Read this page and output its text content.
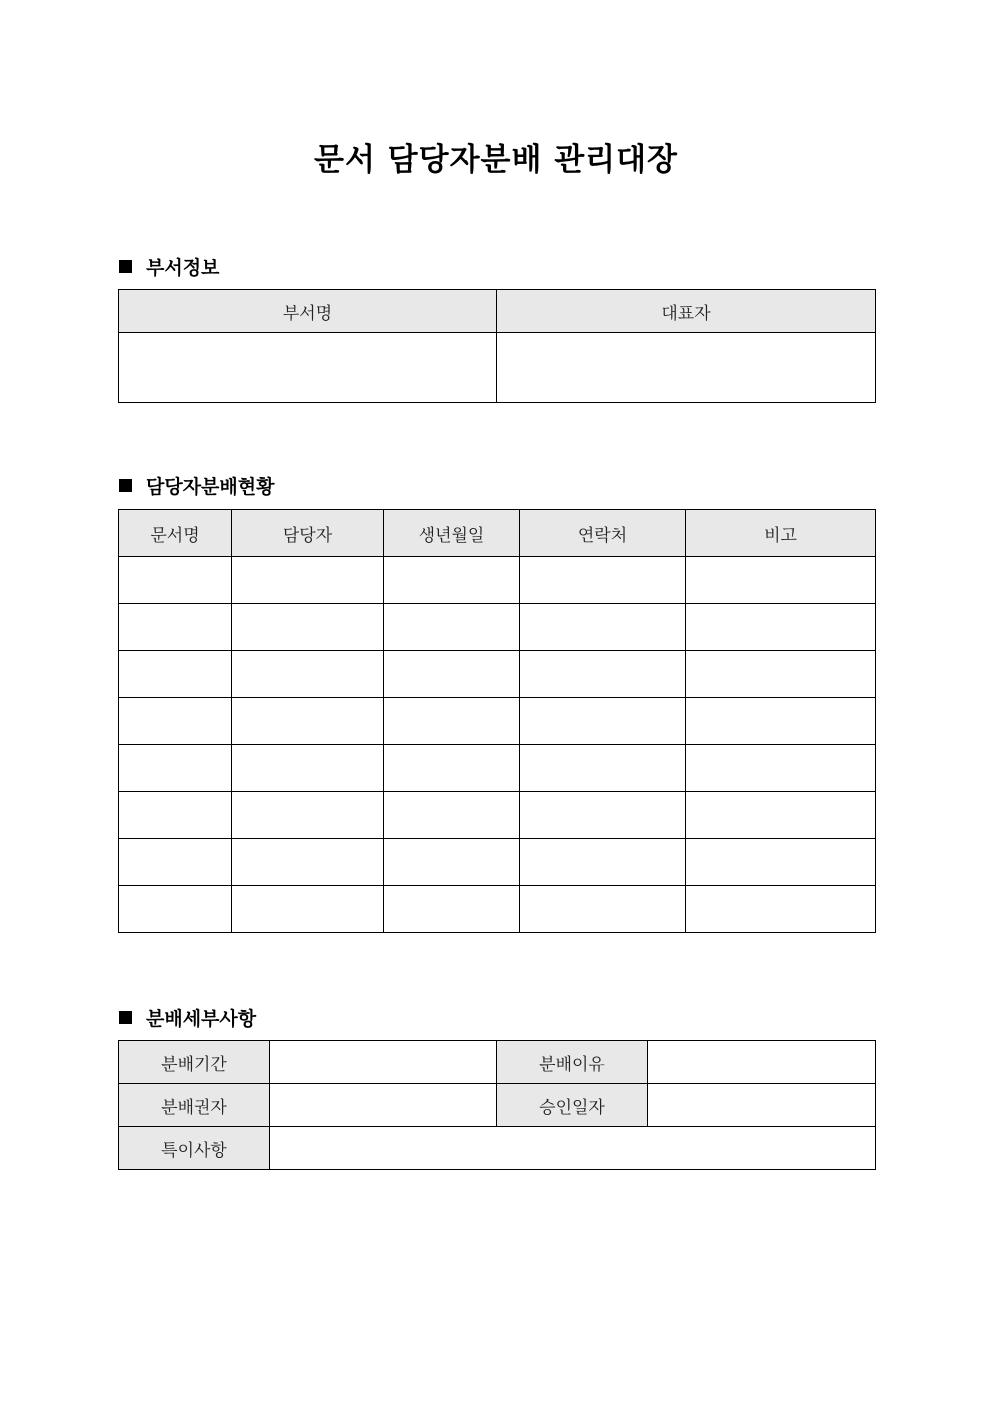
문서 담당자분배 관리대장
부서정보
부서명	대표자

담당자분배현황
문서명	담당자	생년월일	연락처	비고

분배세부사항
분배기간		분배이유	
분배권자		승인일자	
특이사항			
